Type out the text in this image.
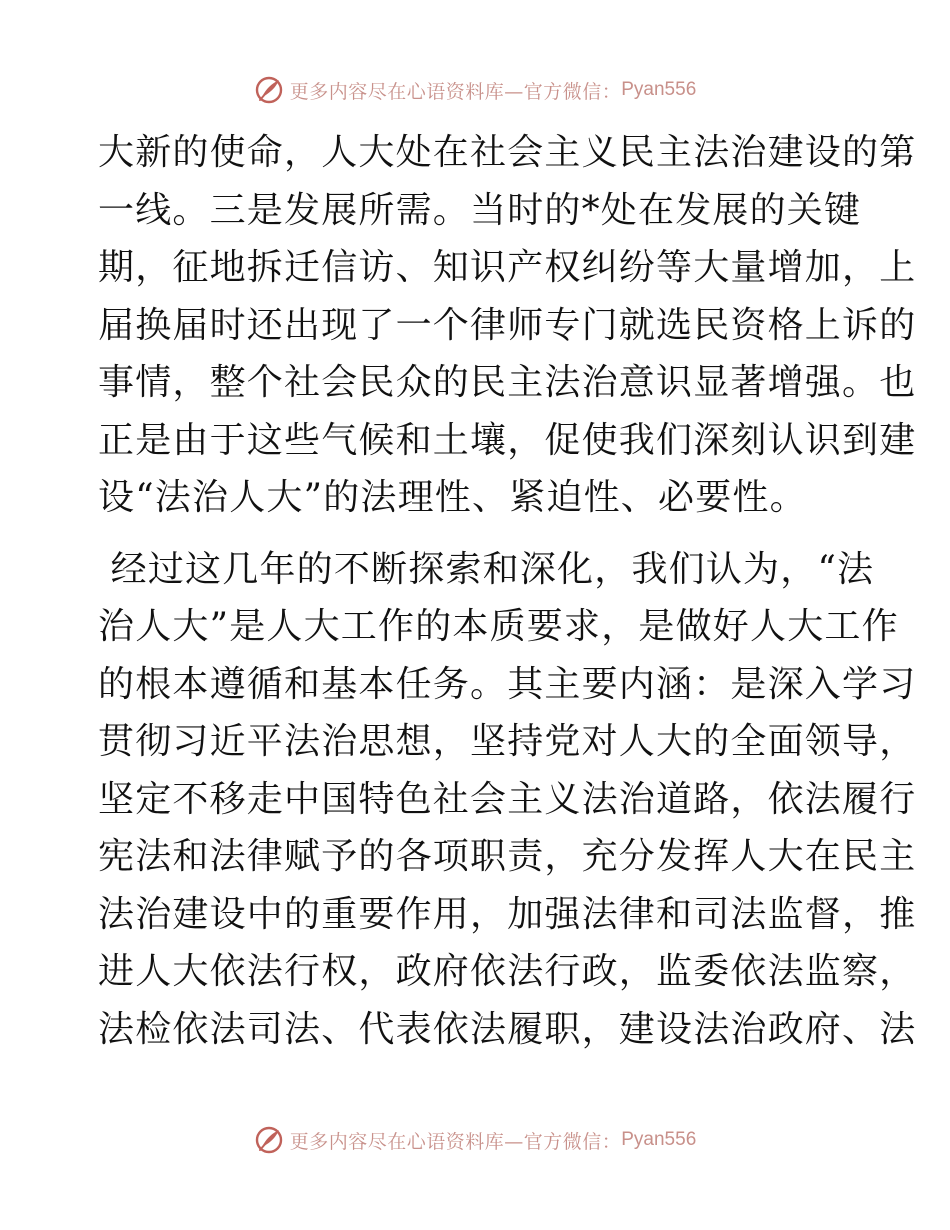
更多内容尽在心语资料库—官方微信： Pyan556
大新的使命，人大处在社会主义民主法治建设的第
一线。三是发展所需。当时的*处在发展的关键
期，征地拆迁信访、知识产权纠纷等大量增加，上
届换届时还出现了一个律师专门就选民资格上诉的
事情，整个社会民众的民主法治意识显著增强。也
正是由于这些气候和土壤，促使我们深刻认识到建
设“法治人大”的法理性、紧迫性、必要性。
经过这几年的不断探索和深化，我们认为，“法
治人大”是人大工作的本质要求，是做好人大工作
的根本遵循和基本任务。其主要内涵：是深入学习
贯彻习近平法治思想，坚持党对人大的全面领导，
坚定不移走中国特色社会主义法治道路，依法履行
宪法和法律赋予的各项职责，充分发挥人大在民主
法治建设中的重要作用，加强法律和司法监督，推
进人大依法行权，政府依法行政，监委依法监察，
法检依法司法、代表依法履职，建设法治政府、法
更多内容尽在心语资料库—官方微信： Pyan556
